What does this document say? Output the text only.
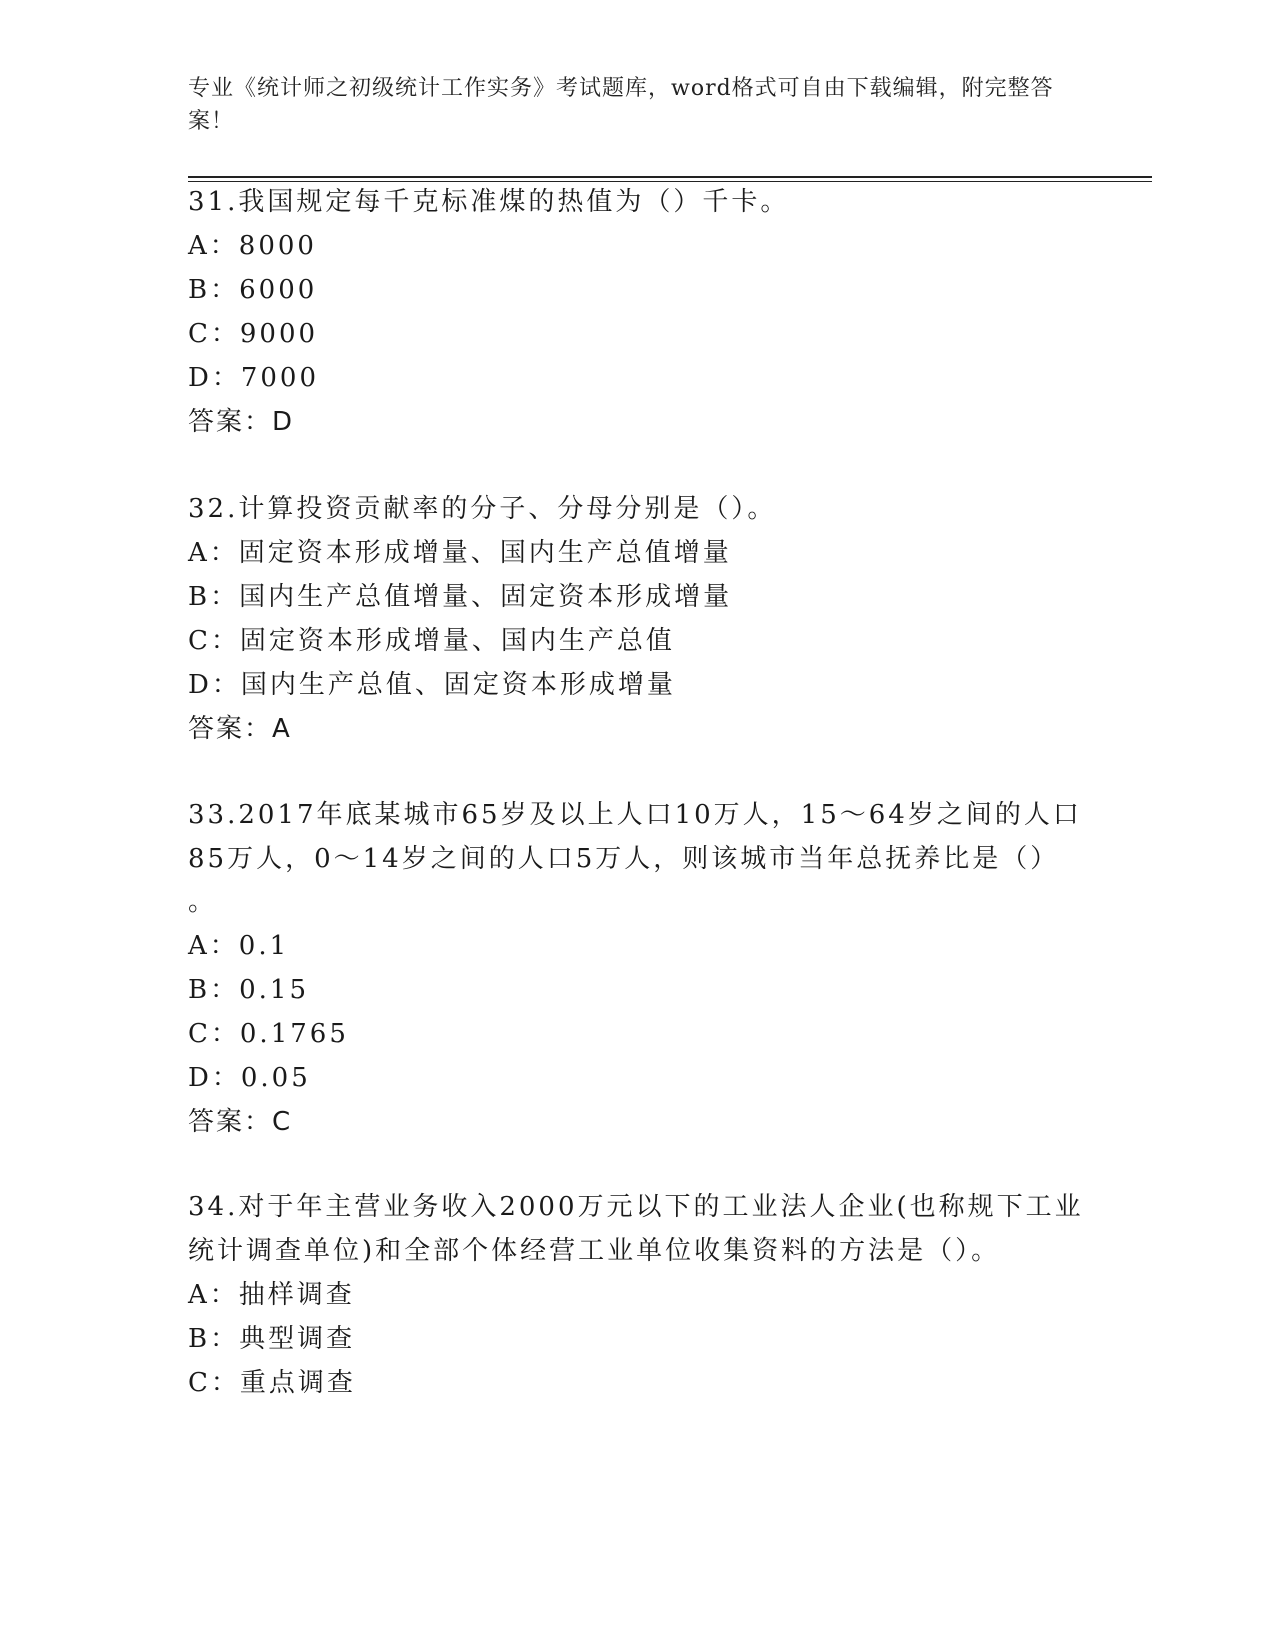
专业《统计师之初级统计工作实务》考试题库，word格式可自由下载编辑，附完整答案！
31.我国规定每千克标准煤的热值为（）千卡。
A：8000
B：6000
C：9000
D：7000
答案：D
32.计算投资贡献率的分子、分母分别是（）。
A：固定资本形成增量、国内生产总值增量
B：国内生产总值增量、固定资本形成增量
C：固定资本形成增量、国内生产总值
D：国内生产总值、固定资本形成增量
答案：A
33.2017年底某城市65岁及以上人口10万人，15～64岁之间的人口
85万人，0～14岁之间的人口5万人，则该城市当年总抚养比是（）
。
A：0.1
B：0.15
C：0.1765
D：0.05
答案：C
34.对于年主营业务收入2000万元以下的工业法人企业(也称规下工业
统计调查单位)和全部个体经营工业单位收集资料的方法是（）。
A：抽样调查
B：典型调查
C：重点调查
